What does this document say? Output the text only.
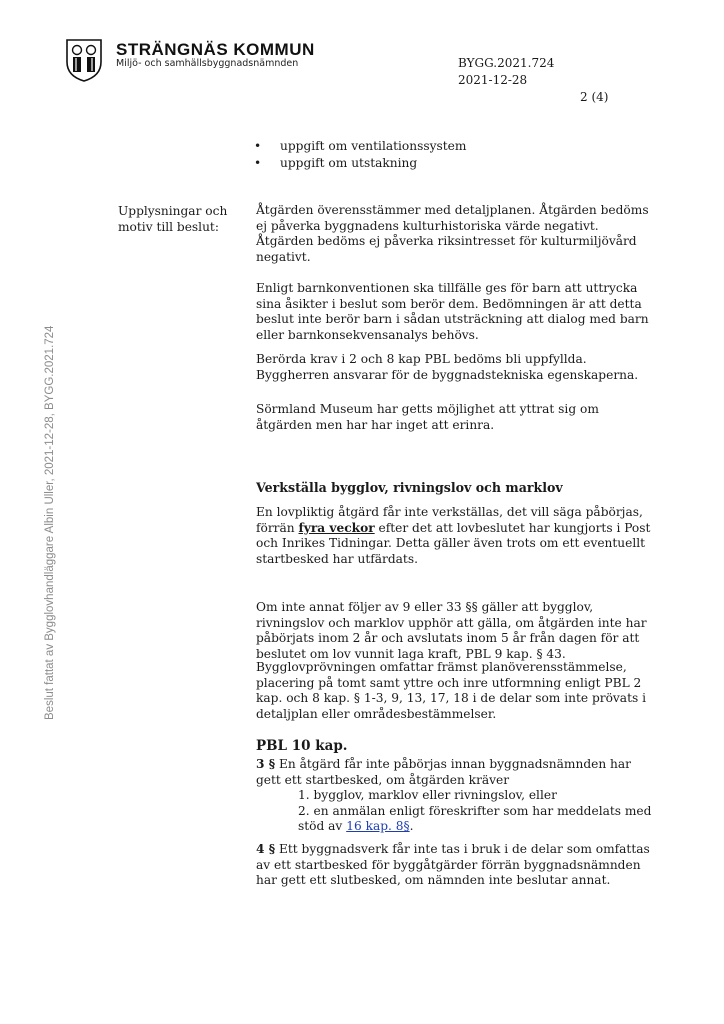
STRÄNGNÄS KOMMUN
Miljö- och samhällsbyggnadsnämnden	BYGG.2021.724
2021-12-28
2 (4)
Beslut fattat av Bygglovhandläggare Albin Uller, 2021-12-28, BYGG.2021.724
• uppgift om ventilationssystem
• uppgift om utstakning
Upplysningar och
motiv till beslut:

Åtgärden överensstämmer med detaljplanen. Åtgärden bedöms ej påverka byggnadens kulturhistoriska värde negativt. Åtgärden bedöms ej påverka riksintresset för kulturmiljövård negativt.

Enligt barnkonventionen ska tillfälle ges för barn att uttrycka sina åsikter i beslut som berör dem. Bedömningen är att detta beslut inte berör barn i sådan utsträckning att dialog med barn eller barnkonsekvensanalys behövs.

Berörda krav i 2 och 8 kap PBL bedöms bli uppfyllda. Byggherren ansvarar för de byggnadstekniska egenskaperna.

Sörmland Museum har getts möjlighet att yttrat sig om åtgärden men har har inget att erinra.

Verkställa bygglov, rivningslov och marklov

En lovpliktig åtgärd får inte verkställas, det vill säga påbörjas, förrän fyra veckor efter det att lovbeslutet har kungjorts i Post och Inrikes Tidningar. Detta gäller även trots om ett eventuellt startbesked har utfärdats.

Om inte annat följer av 9 eller 33 §§ gäller att bygglov, rivningslov och marklov upphör att gälla, om åtgärden inte har påbörjats inom 2 år och avslutats inom 5 år från dagen för att beslutet om lov vunnit laga kraft, PBL 9 kap. § 43.

Bygglovprövningen omfattar främst planöverensstämmelse, placering på tomt samt yttre och inre utformning enligt PBL 2 kap. och 8 kap. § 1-3, 9, 13, 17, 18 i de delar som inte prövats i detaljplan eller områdesbestämmelser.

PBL 10 kap.

3 § En åtgärd får inte påbörjas innan byggnadsnämnden har gett ett startbesked, om åtgärden kräver

1. bygglov, marklov eller rivningslov, eller

2. en anmälan enligt föreskrifter som har meddelats med stöd av 16 kap. 8§.

4 § Ett byggnadsverk får inte tas i bruk i de delar som omfattas av ett startbesked för byggåtgärder förrän byggnadsnämnden har gett ett slutbesked, om nämnden inte beslutar annat.
